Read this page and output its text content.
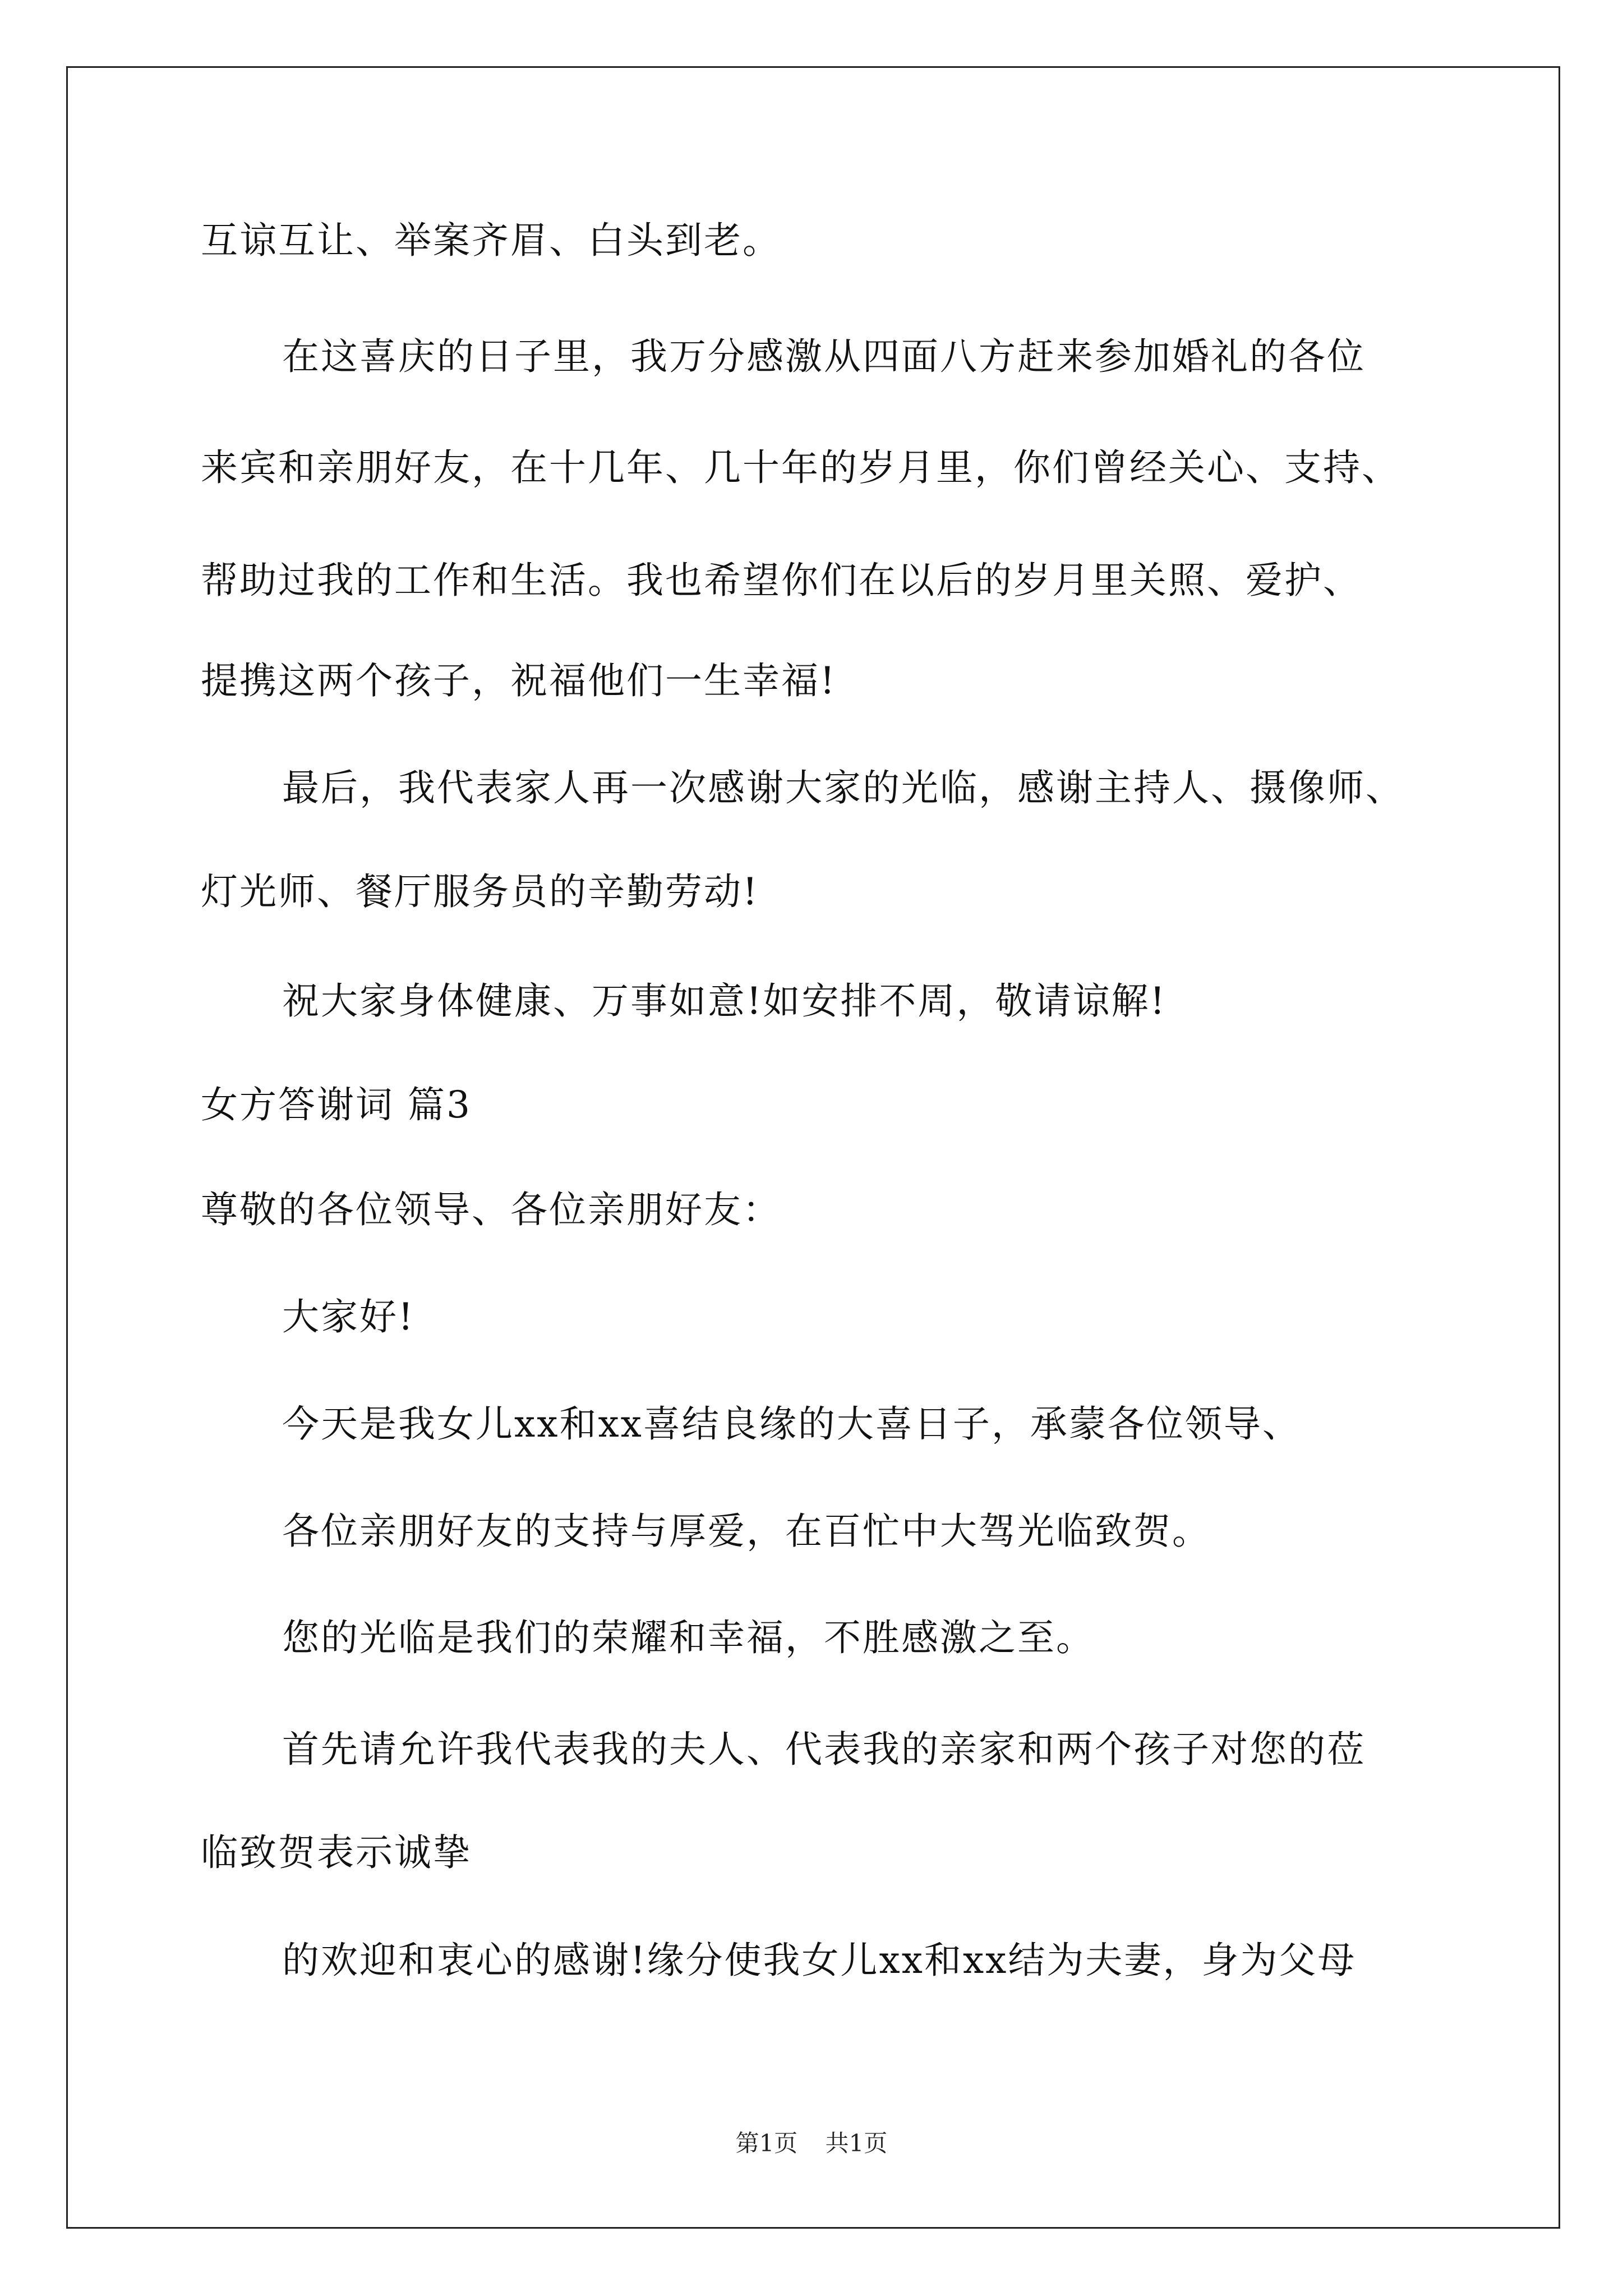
互谅互让、举案齐眉、白头到老。

在这喜庆的日子里，我万分感激从四面八方赶来参加婚礼的各位

来宾和亲朋好友，在十几年、几十年的岁月里，你们曾经关心、支持、

帮助过我的工作和生活。我也希望你们在以后的岁月里关照、爱护、

提携这两个孩子，祝福他们一生幸福!

最后，我代表家人再一次感谢大家的光临，感谢主持人、摄像师、

灯光师、餐厅服务员的辛勤劳动!

祝大家身体健康、万事如意!如安排不周，敬请谅解!

女方答谢词 篇3

尊敬的各位领导、各位亲朋好友：

大家好!

今天是我女儿xx和xx喜结良缘的大喜日子，承蒙各位领导、

各位亲朋好友的支持与厚爱，在百忙中大驾光临致贺。

您的光临是我们的荣耀和幸福，不胜感激之至。

首先请允许我代表我的夫人、代表我的亲家和两个孩子对您的莅

临致贺表示诚挚

的欢迎和衷心的感谢!缘分使我女儿xx和xx结为夫妻，身为父母

第1页 共1页
